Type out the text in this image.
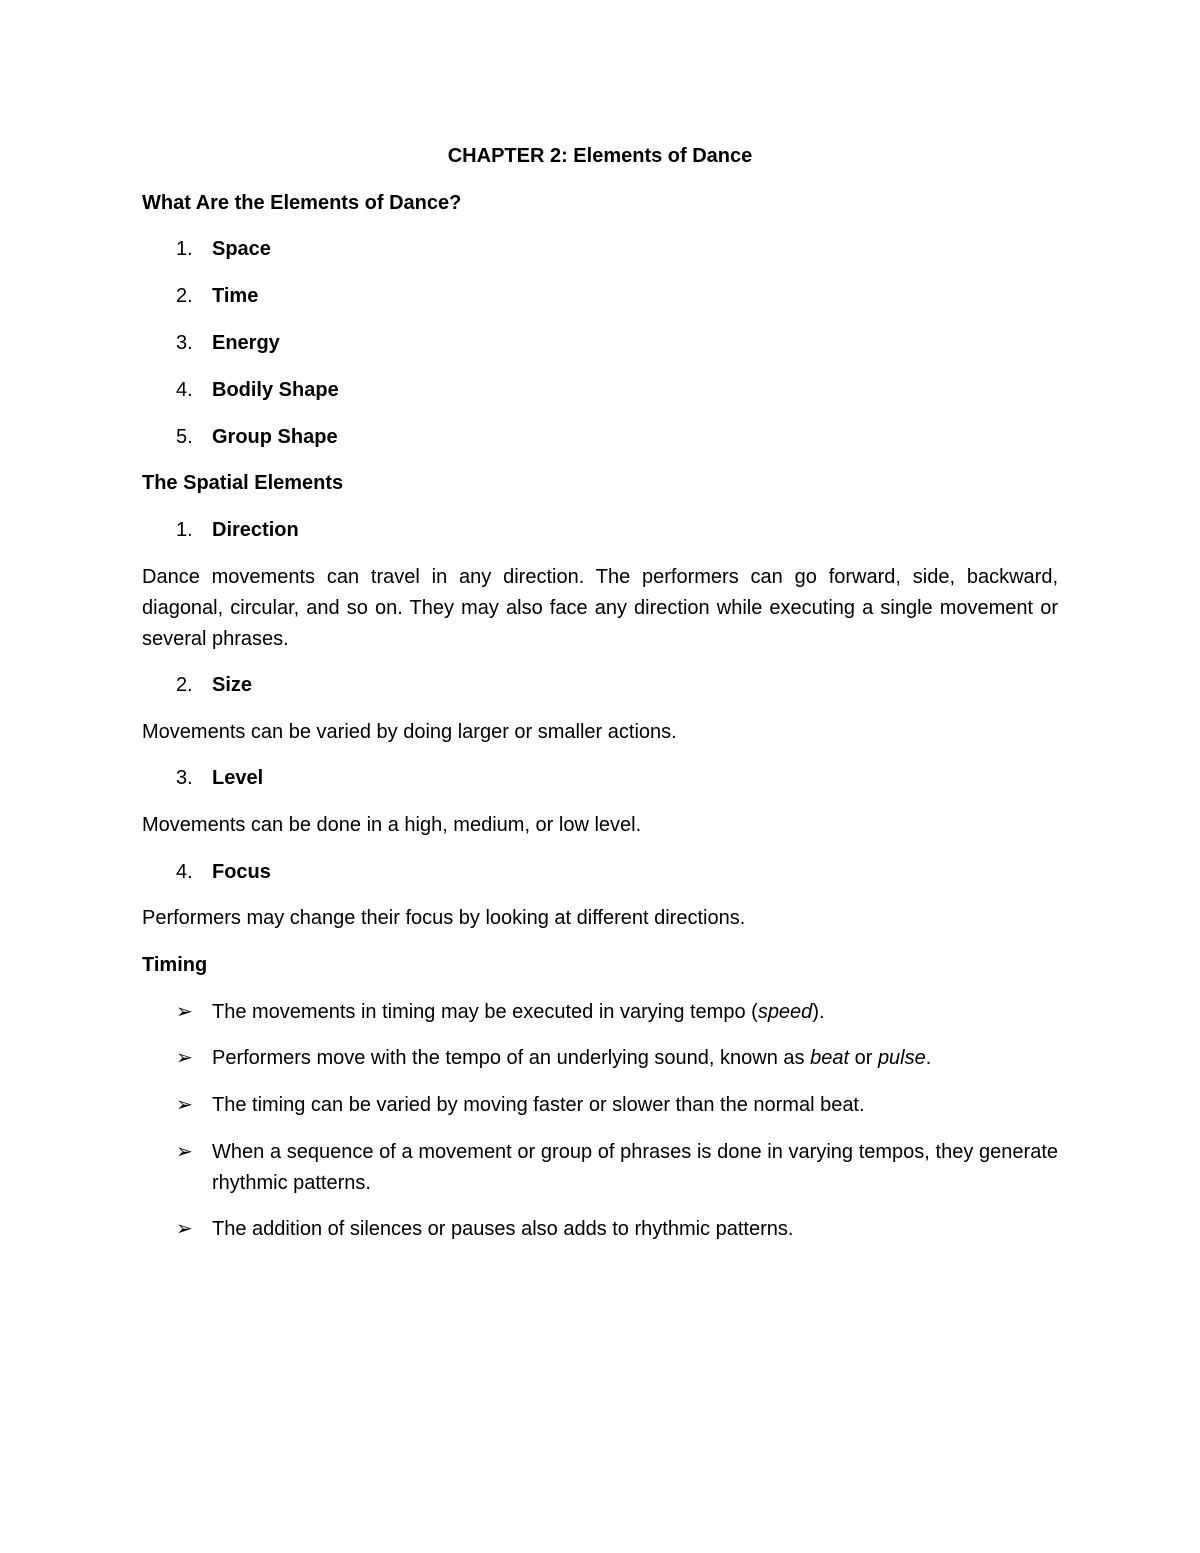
CHAPTER 2: Elements of Dance
What Are the Elements of Dance?
1. Space
2. Time
3. Energy
4. Bodily Shape
5. Group Shape
The Spatial Elements
1. Direction
Dance movements can travel in any direction. The performers can go forward, side, backward, diagonal, circular, and so on. They may also face any direction while executing a single movement or several phrases.
2. Size
Movements can be varied by doing larger or smaller actions.
3. Level
Movements can be done in a high, medium, or low level.
4. Focus
Performers may change their focus by looking at different directions.
Timing
➢ The movements in timing may be executed in varying tempo (speed).
➢ Performers move with the tempo of an underlying sound, known as beat or pulse.
➢ The timing can be varied by moving faster or slower than the normal beat.
➢ When a sequence of a movement or group of phrases is done in varying tempos, they generate rhythmic patterns.
➢ The addition of silences or pauses also adds to rhythmic patterns.
